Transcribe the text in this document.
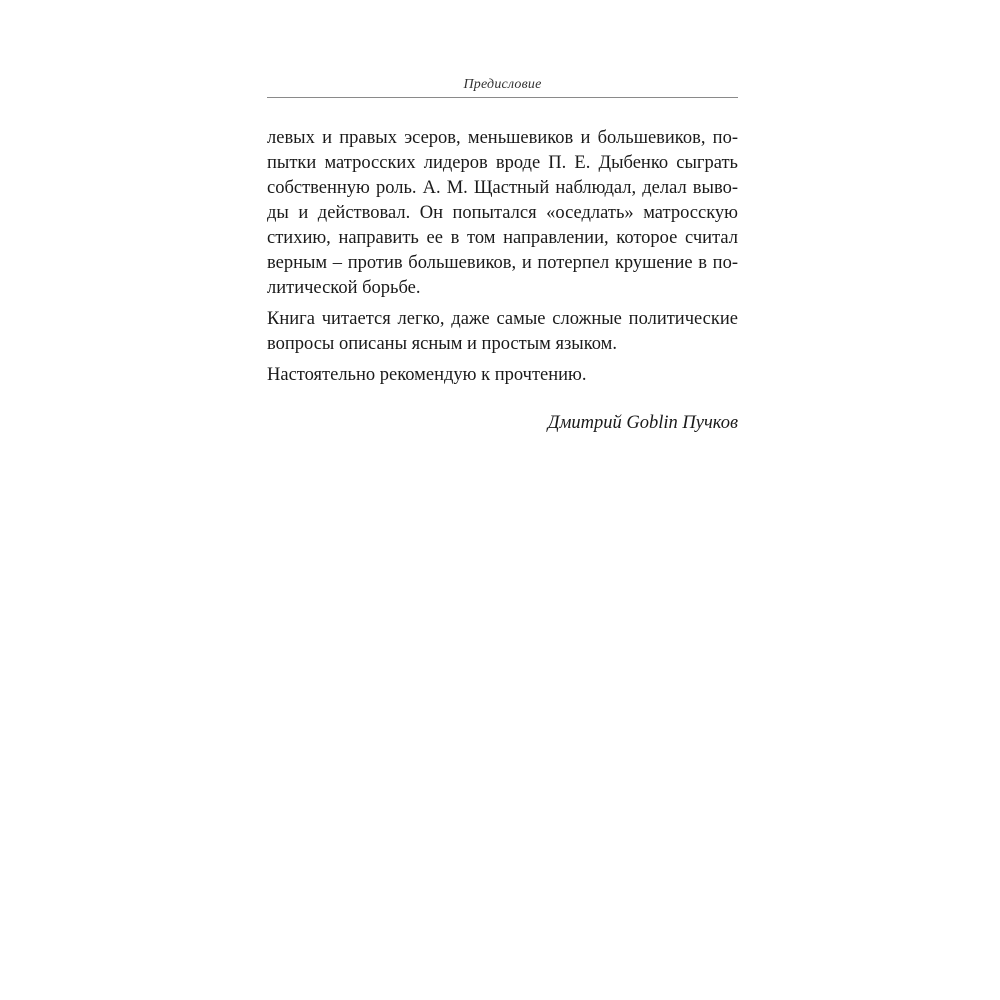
Предисловие
левых и правых эсеров, меньшевиков и большевиков, по-
пытки матросских лидеров вроде П. Е. Дыбенко сыграть
собственную роль. А. М. Щастный наблюдал, делал выво-
ды и действовал. Он попытался «оседлать» матросскую
стихию, направить ее в том направлении, которое считал
верным – против большевиков, и потерпел крушение в по-
литической борьбе.
Книга читается легко, даже самые сложные политические
вопросы описаны ясным и простым языком.
Настоятельно рекомендую к прочтению.
Дмитрий Goblin Пучков
